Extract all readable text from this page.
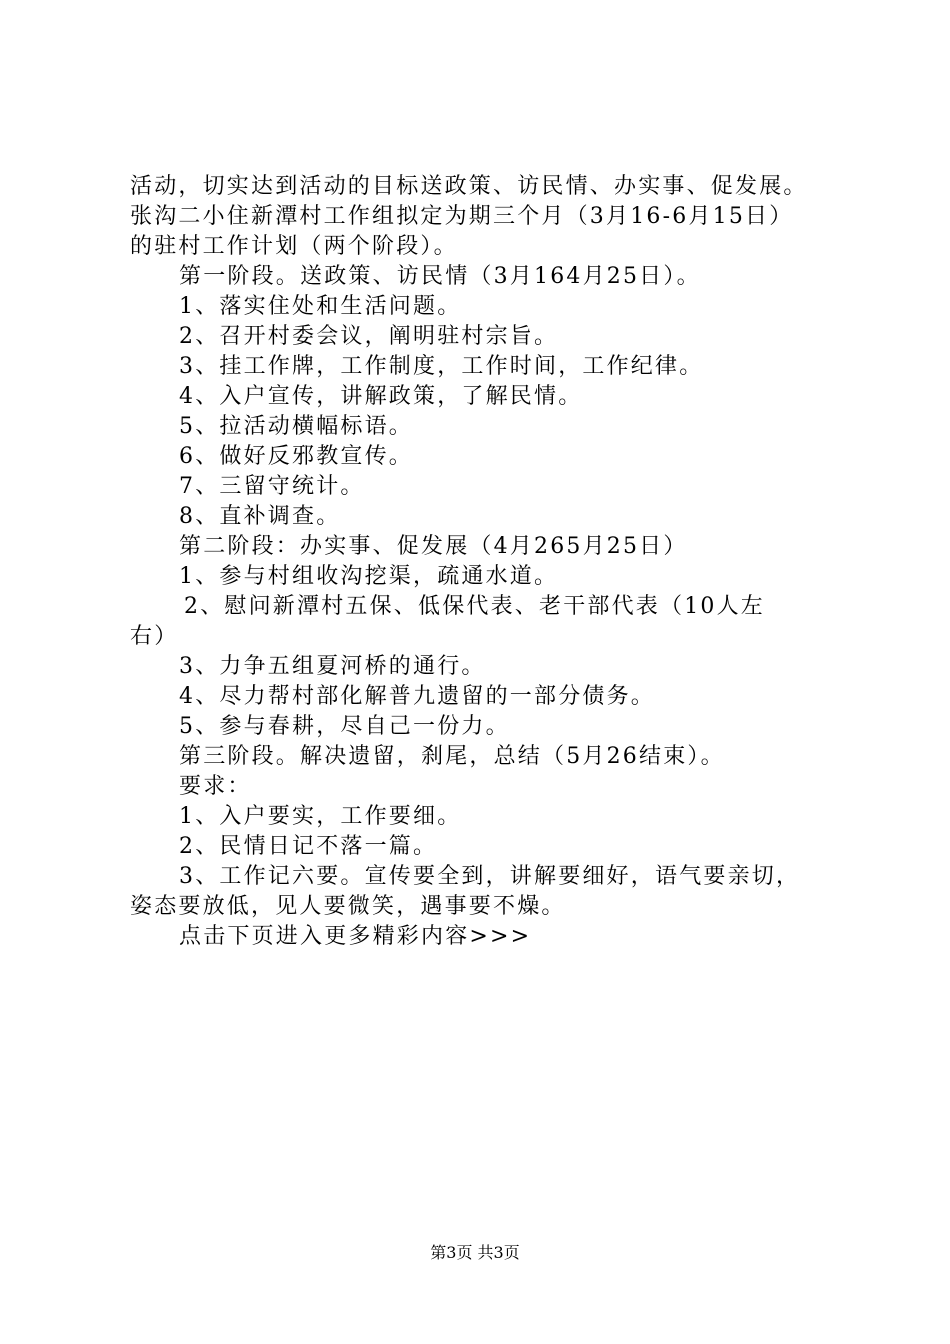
活动，切实达到活动的目标送政策、访民情、办实事、促发展。
张沟二小住新潭村工作组拟定为期三个月（3月16-6月15日）
的驻村工作计划（两个阶段）。
第一阶段。送政策、访民情（3月164月25日）。
1、落实住处和生活问题。
2、召开村委会议，阐明驻村宗旨。
3、挂工作牌，工作制度，工作时间，工作纪律。
4、入户宣传，讲解政策，了解民情。
5、拉活动横幅标语。
6、做好反邪教宣传。
7、三留守统计。
8、直补调查。
第二阶段：办实事、促发展（4月265月25日）
1、参与村组收沟挖渠，疏通水道。
2、慰问新潭村五保、低保代表、老干部代表（10人左
右）
3、力争五组夏河桥的通行。
4、尽力帮村部化解普九遗留的一部分债务。
5、参与春耕，尽自己一份力。
第三阶段。解决遗留，刹尾，总结（5月26结束）。
要求：
1、入户要实，工作要细。
2、民情日记不落一篇。
3、工作记六要。宣传要全到，讲解要细好，语气要亲切，
姿态要放低，见人要微笑，遇事要不燥。
点击下页进入更多精彩内容>>>
第3页 共3页
